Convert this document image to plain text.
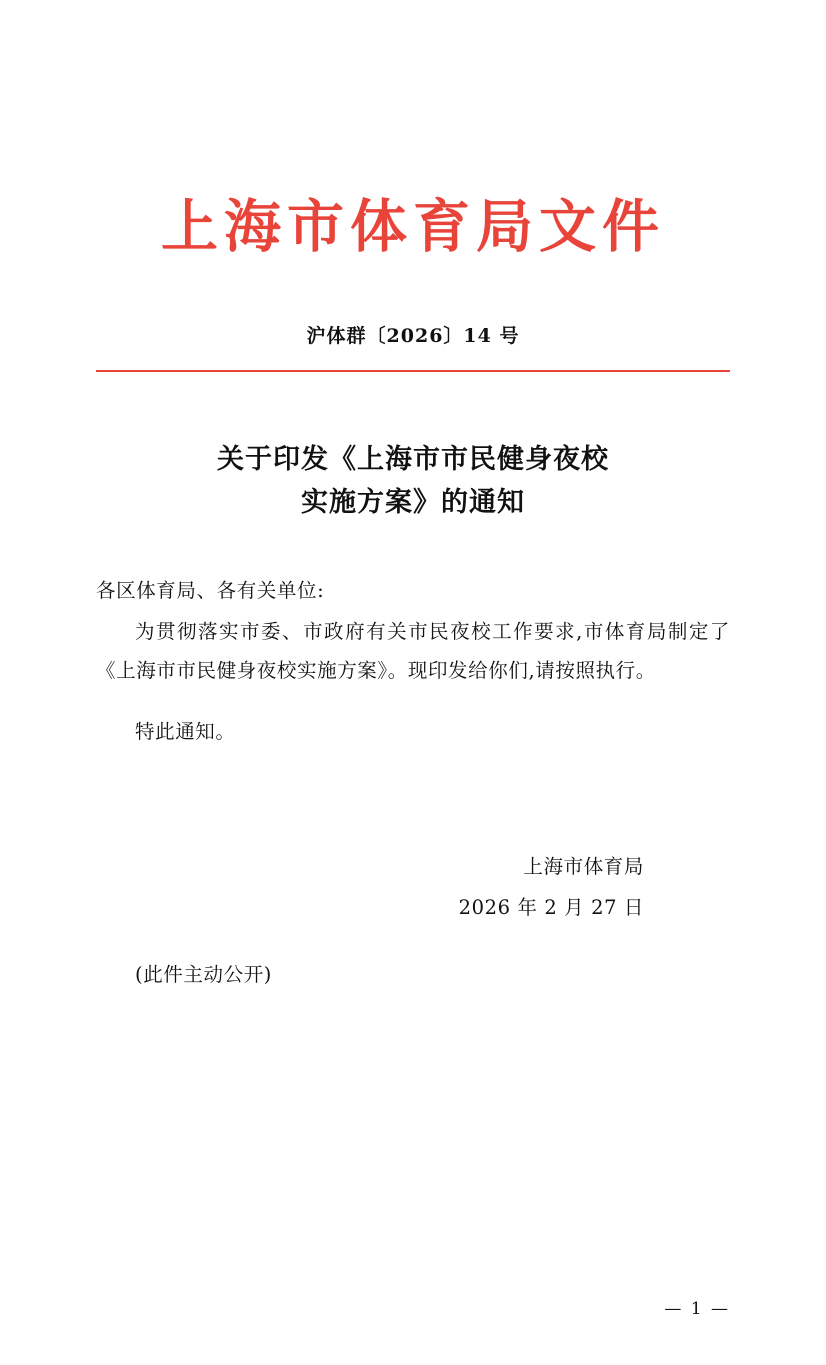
上海市体育局文件
沪体群〔2026〕14 号
关于印发《上海市市民健身夜校
实施方案》的通知

各区体育局、各有关单位:

为贯彻落实市委、市政府有关市民夜校工作要求,市体育局制定了《上海市市民健身夜校实施方案》。现印发给你们,请按照执行。

特此通知。

上海市体育局
2026 年 2 月 27 日
(此件主动公开)
— 1 —
